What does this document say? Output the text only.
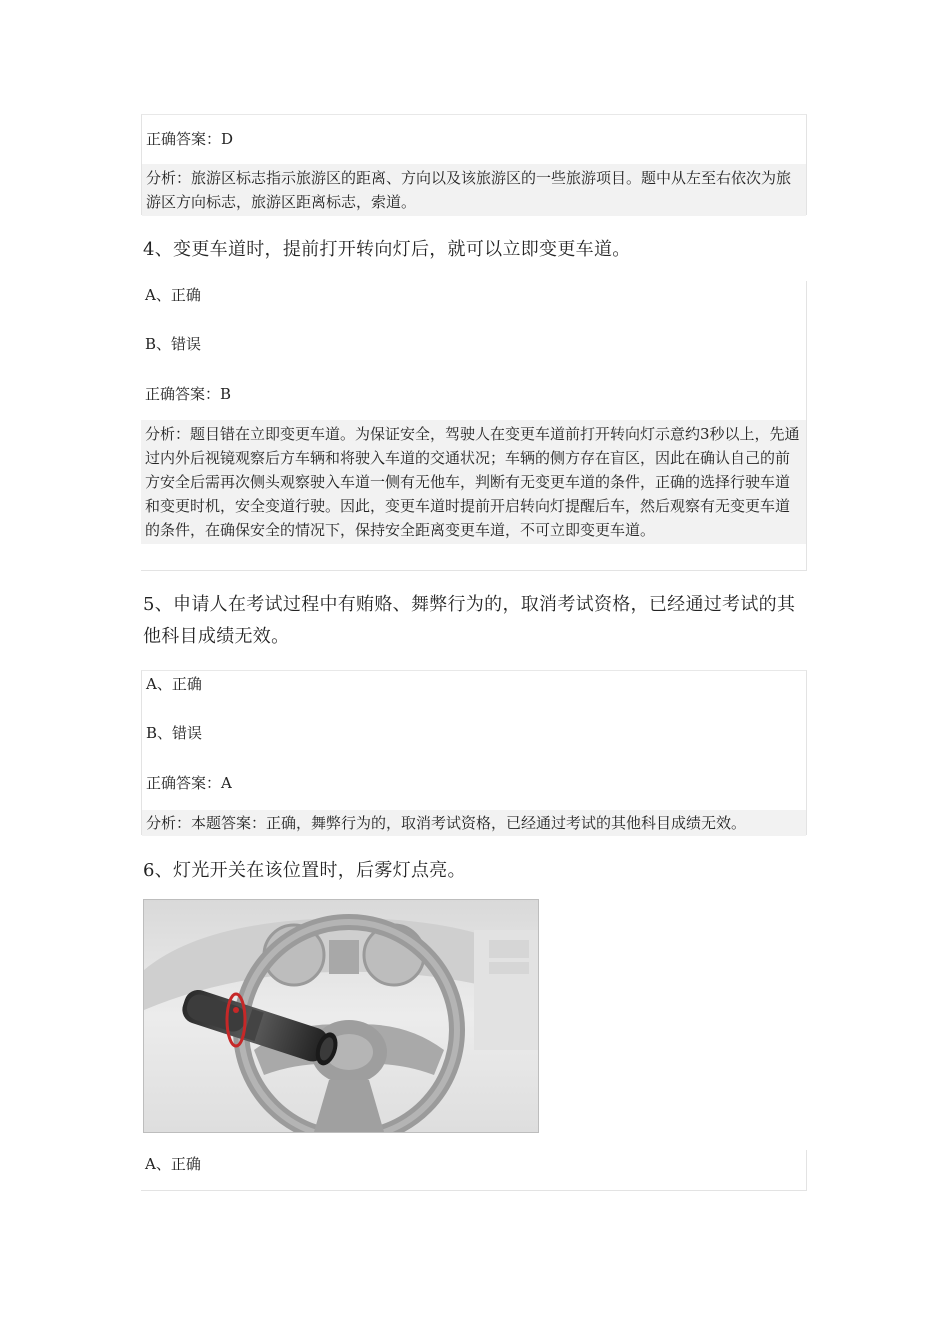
正确答案：D
分析：旅游区标志指示旅游区的距离、方向以及该旅游区的一些旅游项目。题中从左至右依次为旅游区方向标志，旅游区距离标志，索道。
4、变更车道时，提前打开转向灯后，就可以立即变更车道。
A、正确
B、错误
正确答案：B
分析：题目错在立即变更车道。为保证安全，驾驶人在变更车道前打开转向灯示意约3秒以上，先通过内外后视镜观察后方车辆和将驶入车道的交通状况；车辆的侧方存在盲区，因此在确认自己的前方安全后需再次侧头观察驶入车道一侧有无他车，判断有无变更车道的条件，正确的选择行驶车道和变更时机，安全变道行驶。因此，变更车道时提前开启转向灯提醒后车，然后观察有无变更车道的条件，在确保安全的情况下，保持安全距离变更车道，不可立即变更车道。
5、申请人在考试过程中有贿赂、舞弊行为的，取消考试资格，已经通过考试的其他科目成绩无效。
A、正确
B、错误
正确答案：A
分析：本题答案：正确，舞弊行为的，取消考试资格，已经通过考试的其他科目成绩无效。
6、灯光开关在该位置时，后雾灯点亮。
A、正确
